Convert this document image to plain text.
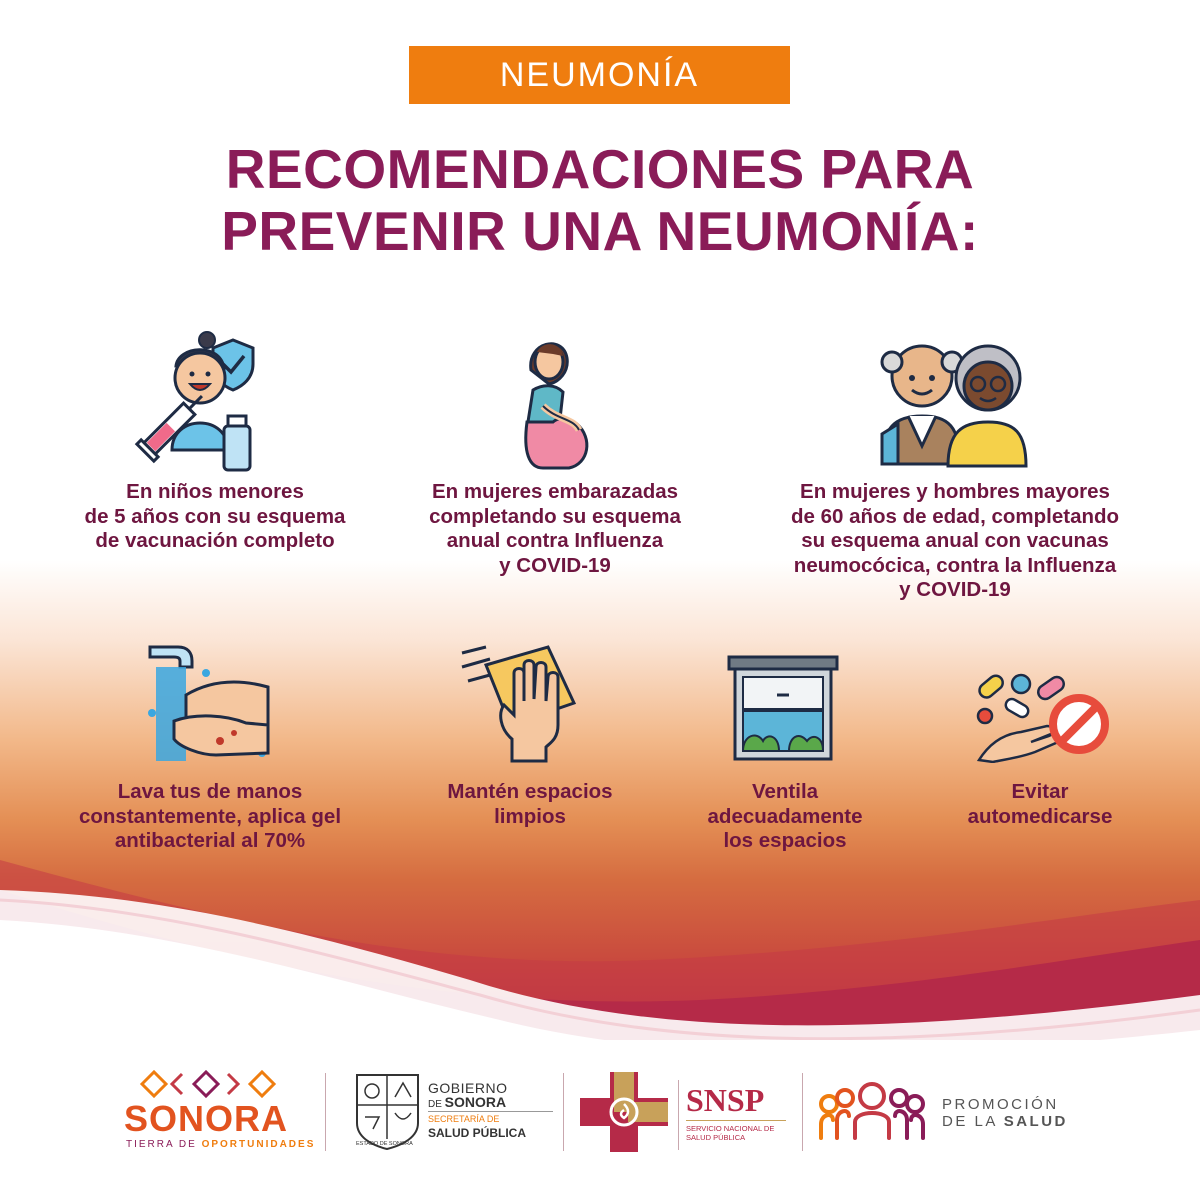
NEUMONÍA
RECOMENDACIONES PARA
PREVENIR UNA NEUMONÍA:
En niños menores
de 5 años con su esquema
de vacunación completo
En mujeres embarazadas
completando su esquema
anual contra Influenza
y COVID-19
En mujeres y hombres mayores
de 60 años de edad, completando
su esquema anual con vacunas
neumocócica, contra la Influenza
y COVID-19
Lava tus de manos
constantemente, aplica gel
antibacterial al 70%
Mantén espacios
limpios
Ventila
adecuadamente
los espacios
Evitar
automedicarse
SONORA
TIERRA DE OPORTUNIDADES	ESTADO DE SONORA
GOBIERNO
DE SONORA
SECRETARÍA DE
SALUD PÚBLICA
SNSP
SERVICIO NACIONAL DE
SALUD PÚBLICA
PROMOCIÓN
DE LA SALUD
